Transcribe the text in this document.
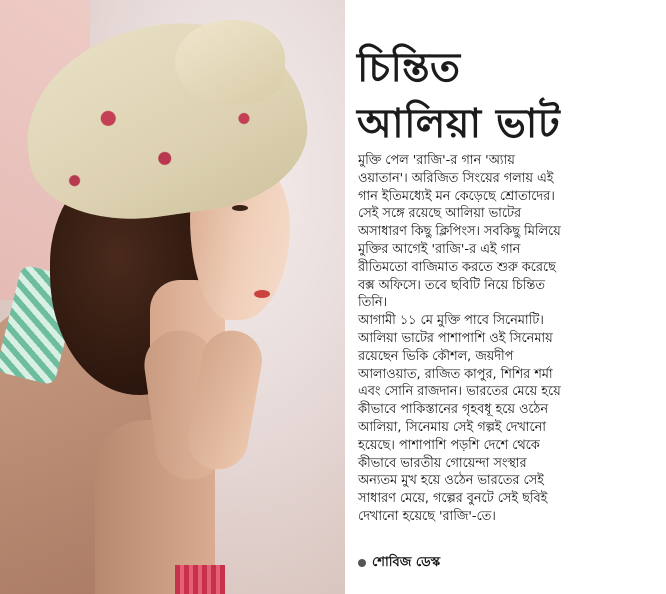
চিন্তিত
আলিয়া ভাট
মুক্তি পেল 'রাজি'-র গান 'অ্যায়
ওয়াতান'। অরিজিত সিংয়ের গলায় এই
গান ইতিমধ্যেই মন কেড়েছে শ্রোতাদের।
সেই সঙ্গে রয়েছে আলিয়া ভাটের
অসাধারণ কিছু ক্লিপিংস। সবকিছু মিলিয়ে
মুক্তির আগেই 'রাজি'-র এই গান
রীতিমতো বাজিমাত করতে শুরু করেছে
বক্স অফিসে। তবে ছবিটি নিয়ে চিন্তিত
তিনি।
আগামী ১১ মে মুক্তি পাবে সিনেমাটি।
আলিয়া ভাটের পাশাপাশি ওই সিনেমায়
রয়েছেন ভিকি কৌশল, জয়দীপ
আলাওয়াত, রাজিত কাপুর, শিশির শর্মা
এবং সোনি রাজদান। ভারতের মেয়ে হয়ে
কীভাবে পাকিস্তানের গৃহবধূ হয়ে ওঠেন
আলিয়া, সিনেমায় সেই গল্পই দেখানো
হয়েছে। পাশাপাশি পড়শি দেশে থেকে
কীভাবে ভারতীয় গোয়েন্দা সংস্থার
অন্যতম মুখ হয়ে ওঠেন ভারতের সেই
সাধারণ মেয়ে, গল্পের বুনটে সেই ছবিই
দেখানো হয়েছে 'রাজি'-তে।
শোবিজ ডেস্ক
